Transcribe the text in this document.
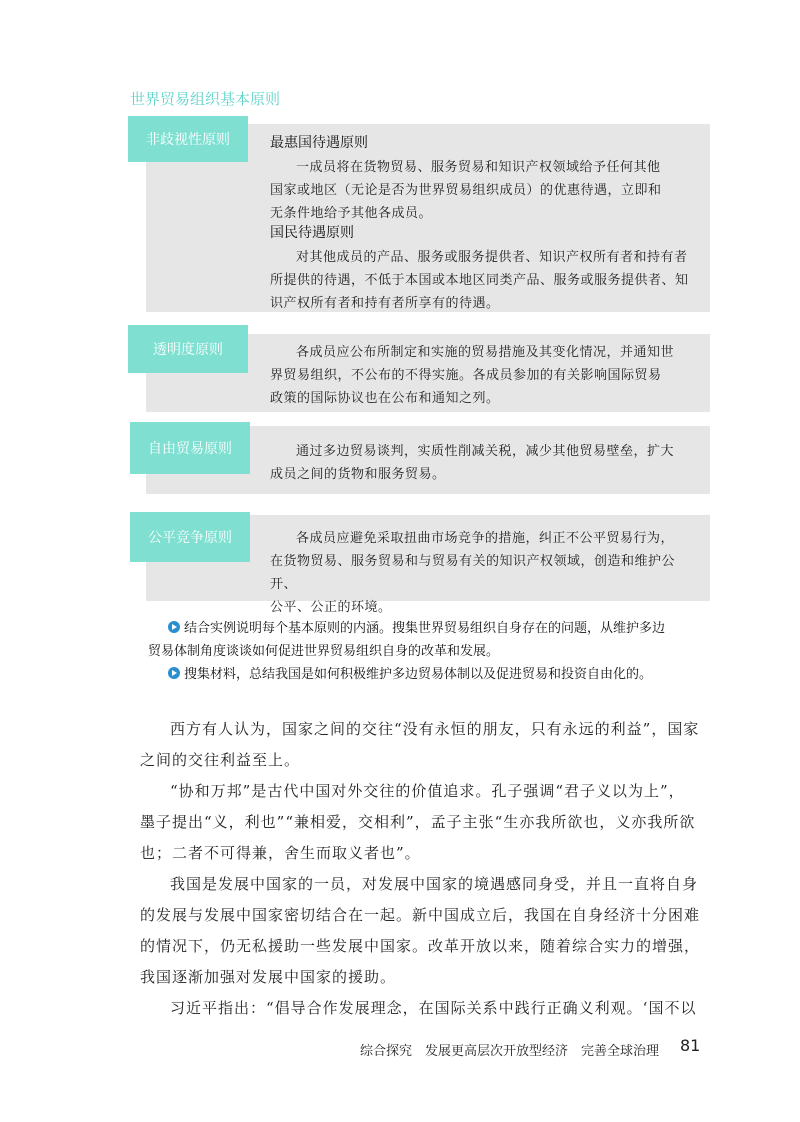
世界贸易组织基本原则
非歧视性原则	最惠国待遇原则
一成员将在货物贸易、服务贸易和知识产权领域给予任何其他
国家或地区（无论是否为世界贸易组织成员）的优惠待遇，立即和
无条件地给予其他各成员。
国民待遇原则
对其他成员的产品、服务或服务提供者、知识产权所有者和持有者
所提供的待遇，不低于本国或本地区同类产品、服务或服务提供者、知
识产权所有者和持有者所享有的待遇。
透明度原则	各成员应公布所制定和实施的贸易措施及其变化情况，并通知世
界贸易组织，不公布的不得实施。各成员参加的有关影响国际贸易
政策的国际协议也在公布和通知之列。
自由贸易原则	通过多边贸易谈判，实质性削减关税，减少其他贸易壁垒，扩大
成员之间的货物和服务贸易。
公平竞争原则	各成员应避免采取扭曲市场竞争的措施，纠正不公平贸易行为，
在货物贸易、服务贸易和与贸易有关的知识产权领域，创造和维护公开、
公平、公正的环境。
结合实例说明每个基本原则的内涵。搜集世界贸易组织自身存在的问题，从维护多边
贸易体制角度谈谈如何促进世界贸易组织自身的改革和发展。
搜集材料，总结我国是如何积极维护多边贸易体制以及促进贸易和投资自由化的。

西方有人认为，国家之间的交往“没有永恒的朋友，只有永远的利益”，国家之间的交往利益至上。

“协和万邦”是古代中国对外交往的价值追求。孔子强调“君子义以为上”，墨子提出“义，利也”“兼相爱，交相利”，孟子主张“生亦我所欲也，义亦我所欲也；二者不可得兼，舍生而取义者也”。

我国是发展中国家的一员，对发展中国家的境遇感同身受，并且一直将自身的发展与发展中国家密切结合在一起。新中国成立后，我国在自身经济十分困难的情况下，仍无私援助一些发展中国家。改革开放以来，随着综合实力的增强，我国逐渐加强对发展中国家的援助。

习近平指出：“倡导合作发展理念，在国际关系中践行正确义利观。‘国不以

综合探究　发展更高层次开放型经济　完善全球治理 81
